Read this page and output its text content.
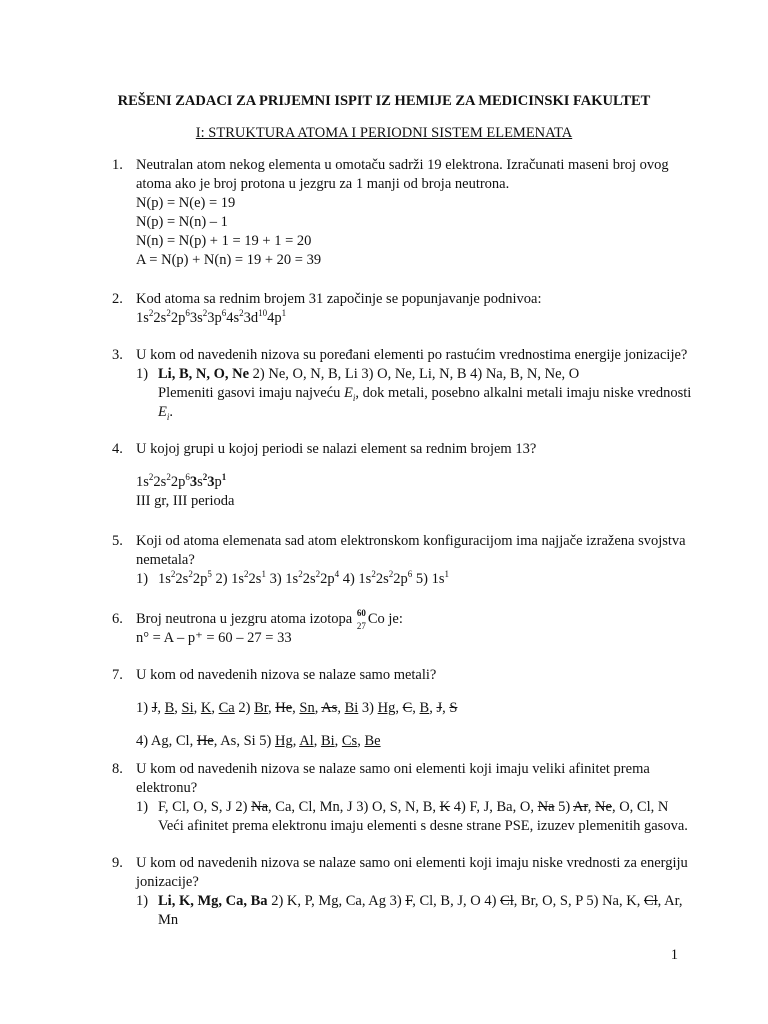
REŠENI ZADACI ZA PRIJEMNI ISPIT IZ HEMIJE ZA MEDICINSKI FAKULTET
I: STRUKTURA ATOMA I PERIODNI SISTEM ELEMENATA
1. Neutralan atom nekog elementa u omotaču sadrži 19 elektrona. Izračunati maseni broj ovog
atoma ako je broj protona u jezgru za 1 manji od broja neutrona.
N(p) = N(e) = 19
N(p) = N(n) – 1
N(n) = N(p) + 1 = 19 + 1 = 20
A = N(p) + N(n) = 19 + 20 = 39
2. Kod atoma sa rednim brojem 31 započinje se popunjavanje podnivoa:
$1s^22s^22p^63s^23p^64s^23d^{10}4p^1$
3. U kom od navedenih nizova su poređani elementi po rastućim vrednostima energije jonizacije?
1) Li, B, N, O, Ne 2) Ne, O, N, B, Li 3) O, Ne, Li, N, B 4) Na, B, N, Ne, O
Plemeniti gasovi imaju najveću $E_i$, dok metali, posebno alkalni metali imaju niske vrednosti
$E_i$.
4. U kojoj grupi u kojoj periodi se nalazi element sa rednim brojem 13?
$1s^22s^22p^63s^23p^1$
III gr, III perioda
5. Koji od atoma elemenata sad atom elektronskom konfiguracijom ima najjače izražena svojstva
nemetala?
1) $1s^22s^22p^5$ 2) $1s^22s^1$ 3) $1s^22s^22p^4$ 4) $1s^22s^22p^6$ 5) $1s^1$
6. Broj neutrona u jezgru atoma izotopa 60
27 Co je:
n° = A – p⁺ = 60 – 27 = 33
7. U kom od navedenih nizova se nalaze samo metali?
1) J, B, Si, K, Ca 2) Br, He, Sn, As, Bi 3) Hg, C, B, J, S
4) Ag, Cl, He, As, Si 5) Hg, Al, Bi, Cs, Be
8. U kom od navedenih nizova se nalaze samo oni elementi koji imaju veliki afinitet prema
elektronu?
1) F, Cl, O, S, J 2) Na, Ca, Cl, Mn, J 3) O, S, N, B, K 4) F, J, Ba, O, Na 5) Ar, Ne, O, Cl, N
Veći afinitet prema elektronu imaju elementi s desne strane PSE, izuzev plemenitih gasova.
9. U kom od navedenih nizova se nalaze samo oni elementi koji imaju niske vrednosti za energiju
jonizacije?
1) Li, K, Mg, Ca, Ba 2) K, P, Mg, Ca, Ag 3) F, Cl, B, J, O 4) Cl, Br, O, S, P 5) Na, K, Cl, Ar,
Mn
1
